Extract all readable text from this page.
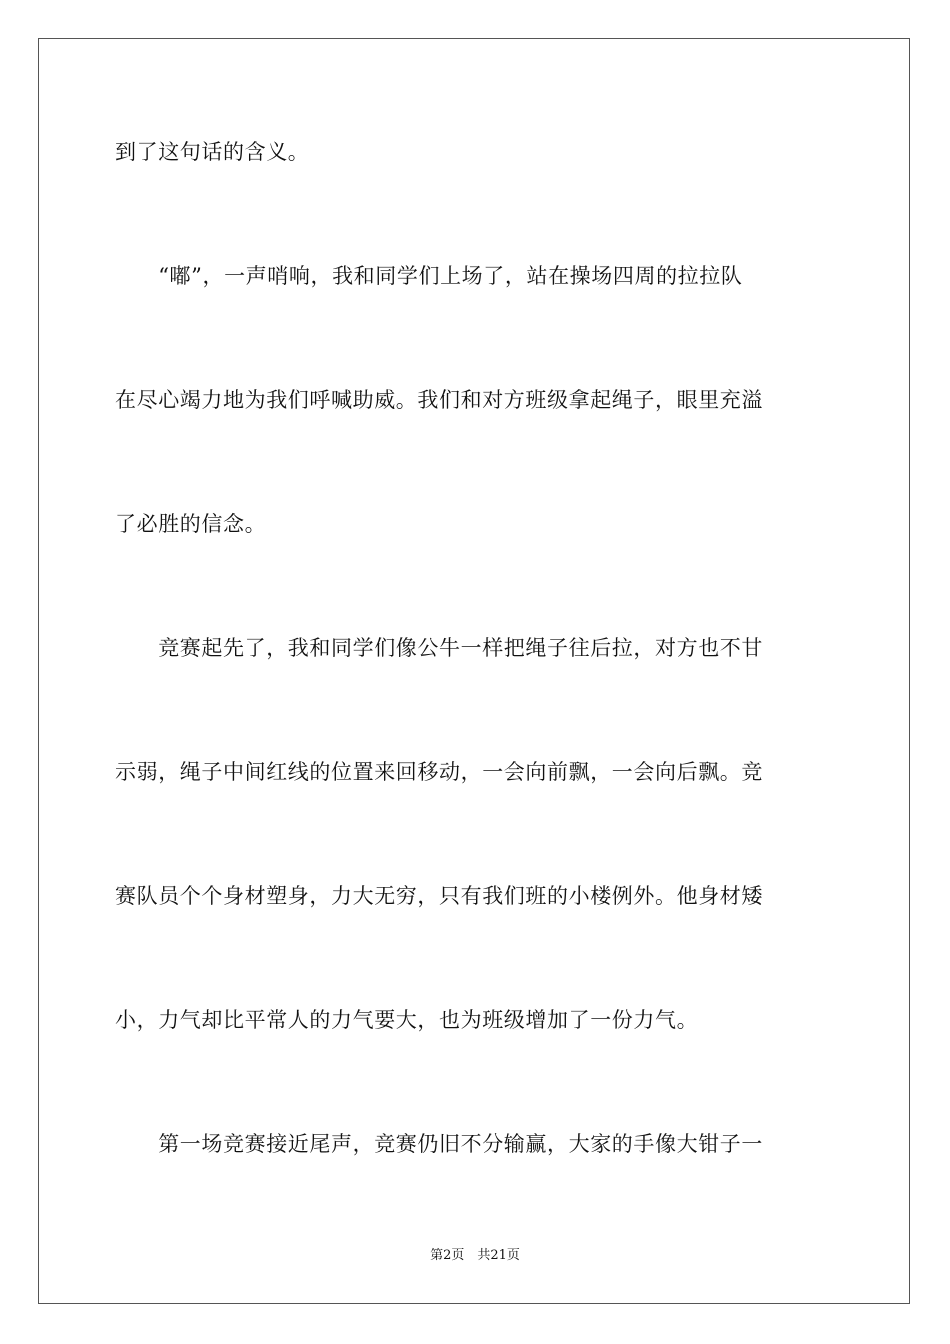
到了这句话的含义。
　　“嘟”，一声哨响，我和同学们上场了，站在操场四周的拉拉队
在尽心竭力地为我们呼喊助威。我们和对方班级拿起绳子，眼里充溢
了必胜的信念。
　　竞赛起先了，我和同学们像公牛一样把绳子往后拉，对方也不甘
示弱，绳子中间红线的位置来回移动，一会向前飘，一会向后飘。竞
赛队员个个身材塑身，力大无穷，只有我们班的小楼例外。他身材矮
小，力气却比平常人的力气要大，也为班级增加了一份力气。
　　第一场竞赛接近尾声，竞赛仍旧不分输赢，大家的手像大钳子一
第2页　共21页
